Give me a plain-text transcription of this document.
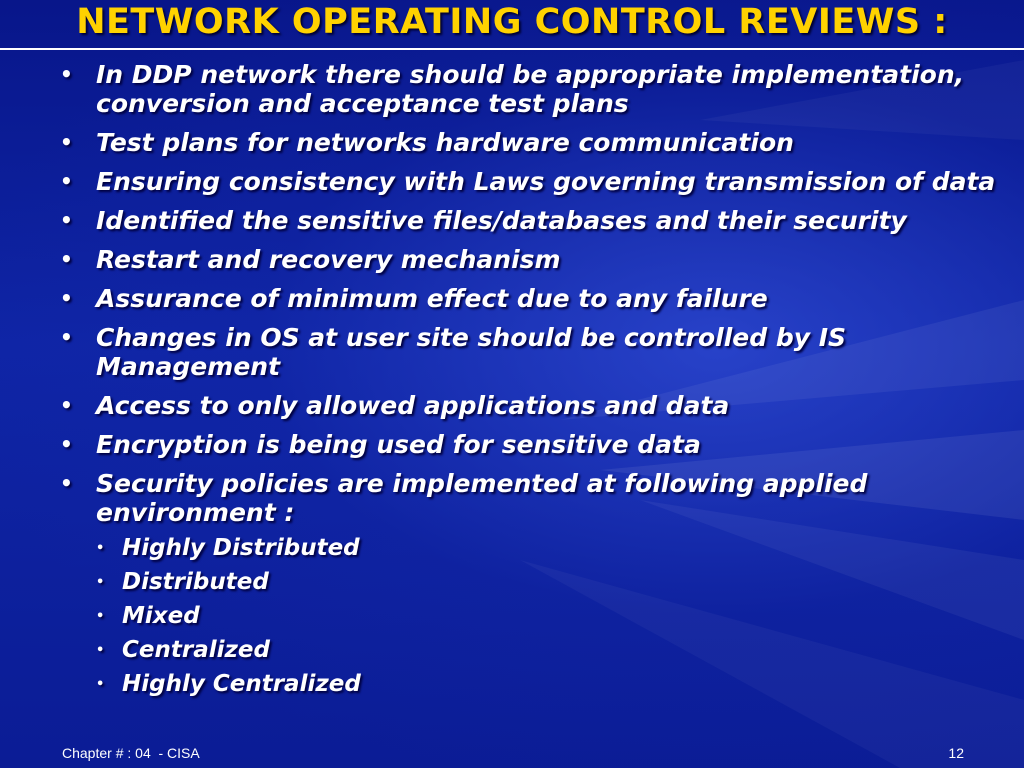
NETWORK OPERATING CONTROL REVIEWS :
• In DDP network there should be appropriate implementation, conversion and acceptance test plans
• Test plans for networks hardware communication
• Ensuring consistency with Laws governing transmission of data
• Identified the sensitive files/databases and their security
• Restart and recovery mechanism
• Assurance of minimum effect due to any failure
• Changes in OS at user site should be controlled by IS Management
• Access to only allowed applications and data
• Encryption is being used for sensitive data
• Security policies are implemented at following applied environment :
• Highly Distributed
• Distributed
• Mixed
• Centralized
• Highly Centralized
Chapter # : 04  - CISA	12
